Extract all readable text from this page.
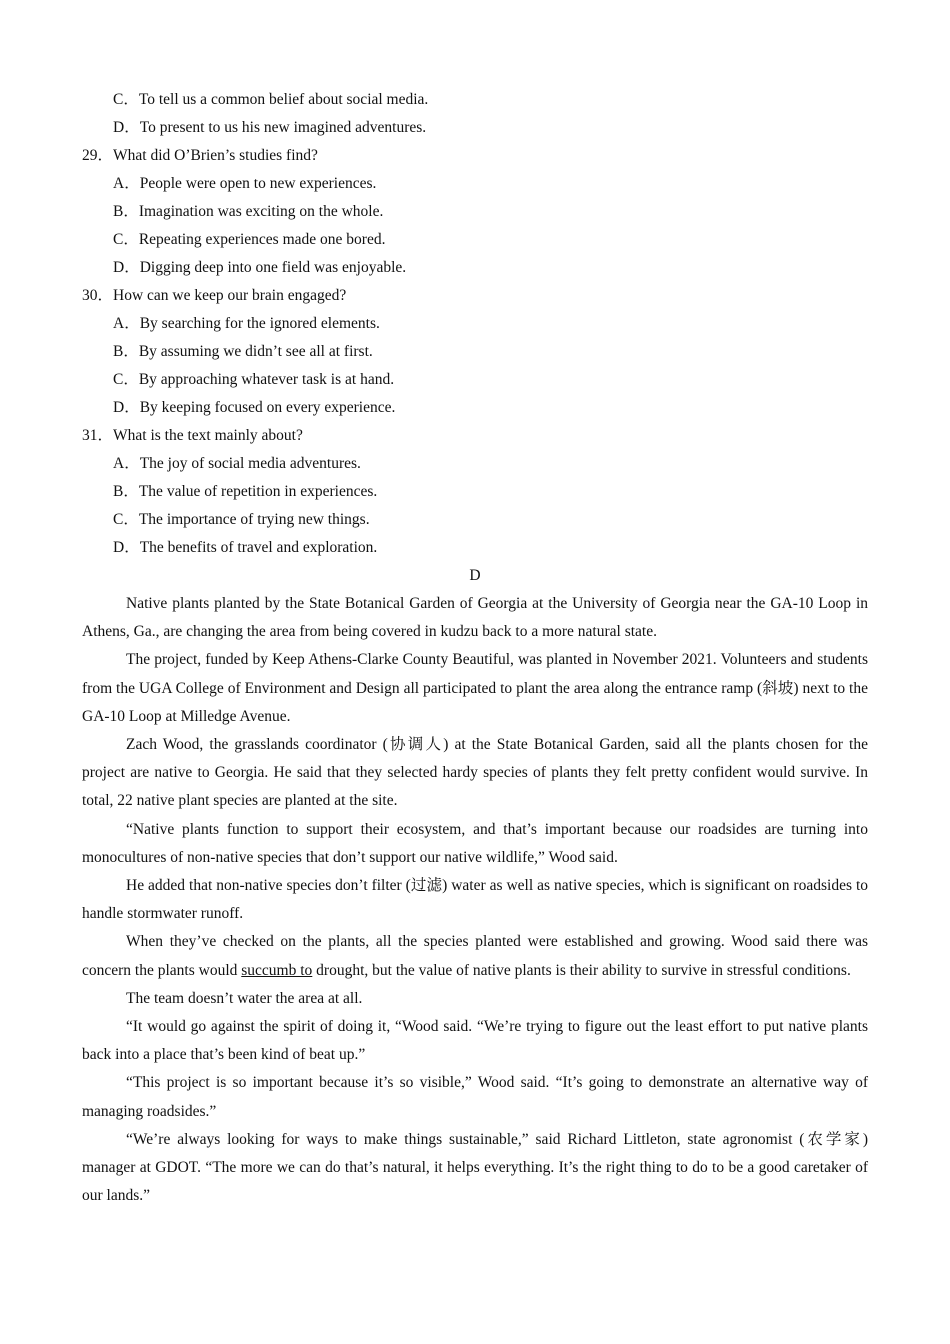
C．To tell us a common belief about social media.
D．To present to us his new imagined adventures.
29．What did O’Brien’s studies find?
A．People were open to new experiences.
B．Imagination was exciting on the whole.
C．Repeating experiences made one bored.
D．Digging deep into one field was enjoyable.
30．How can we keep our brain engaged?
A．By searching for the ignored elements.
B．By assuming we didn’t see all at first.
C．By approaching whatever task is at hand.
D．By keeping focused on every experience.
31．What is the text mainly about?
A．The joy of social media adventures.
B．The value of repetition in experiences.
C．The importance of trying new things.
D．The benefits of travel and exploration.
D

Native plants planted by the State Botanical Garden of Georgia at the University of Georgia near the GA-10 Loop in Athens, Ga., are changing the area from being covered in kudzu back to a more natural state.

The project, funded by Keep Athens-Clarke County Beautiful, was planted in November 2021. Volunteers and students from the UGA College of Environment and Design all participated to plant the area along the entrance ramp (斜坡) next to the GA-10 Loop at Milledge Avenue.

Zach Wood, the grasslands coordinator (协调人) at the State Botanical Garden, said all the plants chosen for the project are native to Georgia. He said that they selected hardy species of plants they felt pretty confident would survive. In total, 22 native plant species are planted at the site.

“Native plants function to support their ecosystem, and that’s important because our roadsides are turning into monocultures of non-native species that don’t support our native wildlife,” Wood said.

He added that non-native species don’t filter (过滤) water as well as native species, which is significant on roadsides to handle stormwater runoff.

When they’ve checked on the plants, all the species planted were established and growing. Wood said there was concern the plants would succumb to drought, but the value of native plants is their ability to survive in stressful conditions.

The team doesn’t water the area at all.

“It would go against the spirit of doing it, “Wood said. “We’re trying to figure out the least effort to put native plants back into a place that’s been kind of beat up.”

“This project is so important because it’s so visible,” Wood said. “It’s going to demonstrate an alternative way of managing roadsides.”

“We’re always looking for ways to make things sustainable,” said Richard Littleton, state agronomist (农学家) manager at GDOT. “The more we can do that’s natural, it helps everything. It’s the right thing to do to be a good caretaker of our lands.”
